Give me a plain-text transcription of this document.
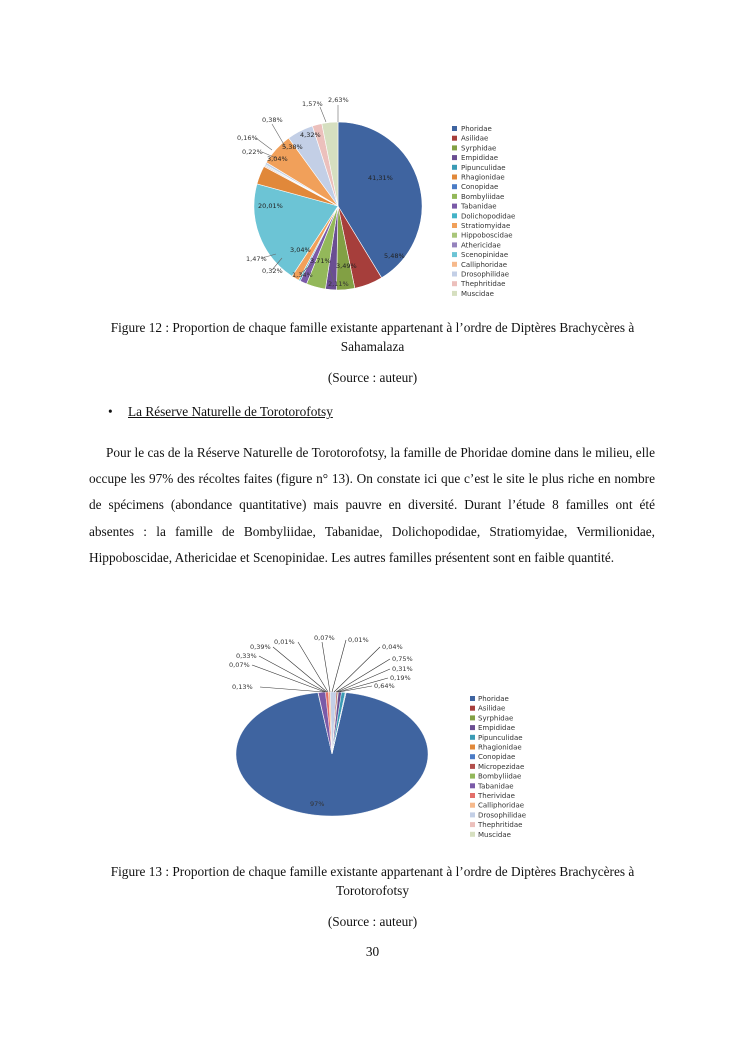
41,31%
5,48%
3,49%
3,71%
3,04%
20,01%
2,11%
1,34%
0,32%
1,47%
3,04%
0,22%
0,16%
0,38%
5,38%
4,32%
1,57% 2,63%
Phoridae
Asilidae
Syrphidae
Empididae
Pipunculidae
Rhagionidae
Conopidae
Bombyliidae
Tabanidae
Dolichopodidae
Stratiomyidae
Hippoboscidae
Athericidae
Scenopinidae
Calliphoridae
Drosophilidae
Thephritidae
Muscidae
Figure 12 : Proportion de chaque famille existante appartenant à l’ordre de Diptères Brachycères à Sahamalaza
(Source : auteur)
• La Réserve Naturelle de Torotorofotsy

Pour le cas de la Réserve Naturelle de Torotorofotsy, la famille de Phoridae domine dans le milieu, elle occupe les 97% des récoltes faites (figure n° 13). On constate ici que c’est le site le plus riche en nombre de spécimens (abondance quantitative) mais pauvre en diversité. Durant l’étude 8 familles ont été absentes : la famille de Bombyliidae, Tabanidae, Dolichopodidae, Stratiomyidae, Vermilionidae, Hippoboscidae, Athericidae et Scenopinidae. Les autres familles présentent sont en faible quantité.

97%
0,13%
0,07%
0,33%
0,39%
0,01%	0,07% 0,01%
0,04%
0,75%
0,31%
0,19%
0,64%
Phoridae
Asilidae
Syrphidae
Empididae
Pipunculidae
Rhagionidae
Conopidae
Micropezidae
Bombyliidae
Tabanidae
Therividae
Calliphoridae
Drosophilidae
Thephritidae
Muscidae
Figure 13 : Proportion de chaque famille existante appartenant à l’ordre de Diptères Brachycères à Torotorofotsy
(Source : auteur)
30
